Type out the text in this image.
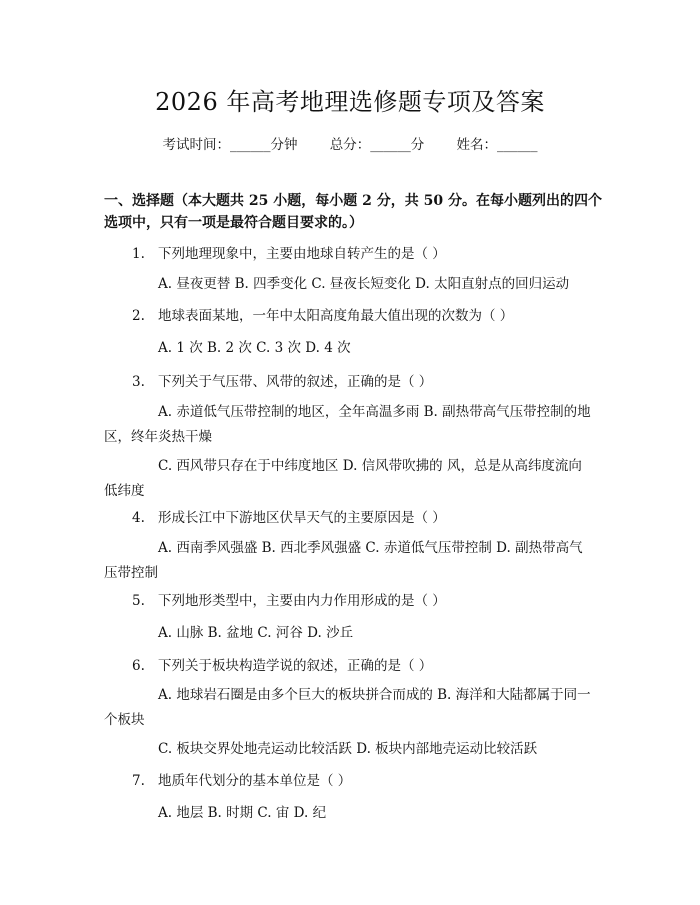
2026 年高考地理选修题专项及答案
考试时间：______分钟 总分：______分 姓名：______
一、选择题（本大题共 25 小题，每小题 2 分，共 50 分。在每小题列出的四个选项中，只有一项是最符合题目要求的。）
1. 下列地理现象中，主要由地球自转产生的是（ ）
A. 昼夜更替 B. 四季变化 C. 昼夜长短变化 D. 太阳直射点的回归运动
2. 地球表面某地，一年中太阳高度角最大值出现的次数为（ ）
A. 1 次 B. 2 次 C. 3 次 D. 4 次
3. 下列关于气压带、风带的叙述，正确的是（ ）
A. 赤道低气压带控制的地区，全年高温多雨 B. 副热带高气压带控制的地区，终年炎热干燥
C. 西风带只存在于中纬度地区 D. 信风带吹拂的 风，总是从高纬度流向低纬度
4. 形成长江中下游地区伏旱天气的主要原因是（ ）
A. 西南季风强盛 B. 西北季风强盛 C. 赤道低气压带控制 D. 副热带高气压带控制
5. 下列地形类型中，主要由内力作用形成的是（ ）
A. 山脉 B. 盆地 C. 河谷 D. 沙丘
6. 下列关于板块构造学说的叙述，正确的是（ ）
A. 地球岩石圈是由多个巨大的板块拼合而成的 B. 海洋和大陆都属于同一个板块
C. 板块交界处地壳运动比较活跃 D. 板块内部地壳运动比较活跃
7. 地质年代划分的基本单位是（ ）
A. 地层 B. 时期 C. 宙 D. 纪
